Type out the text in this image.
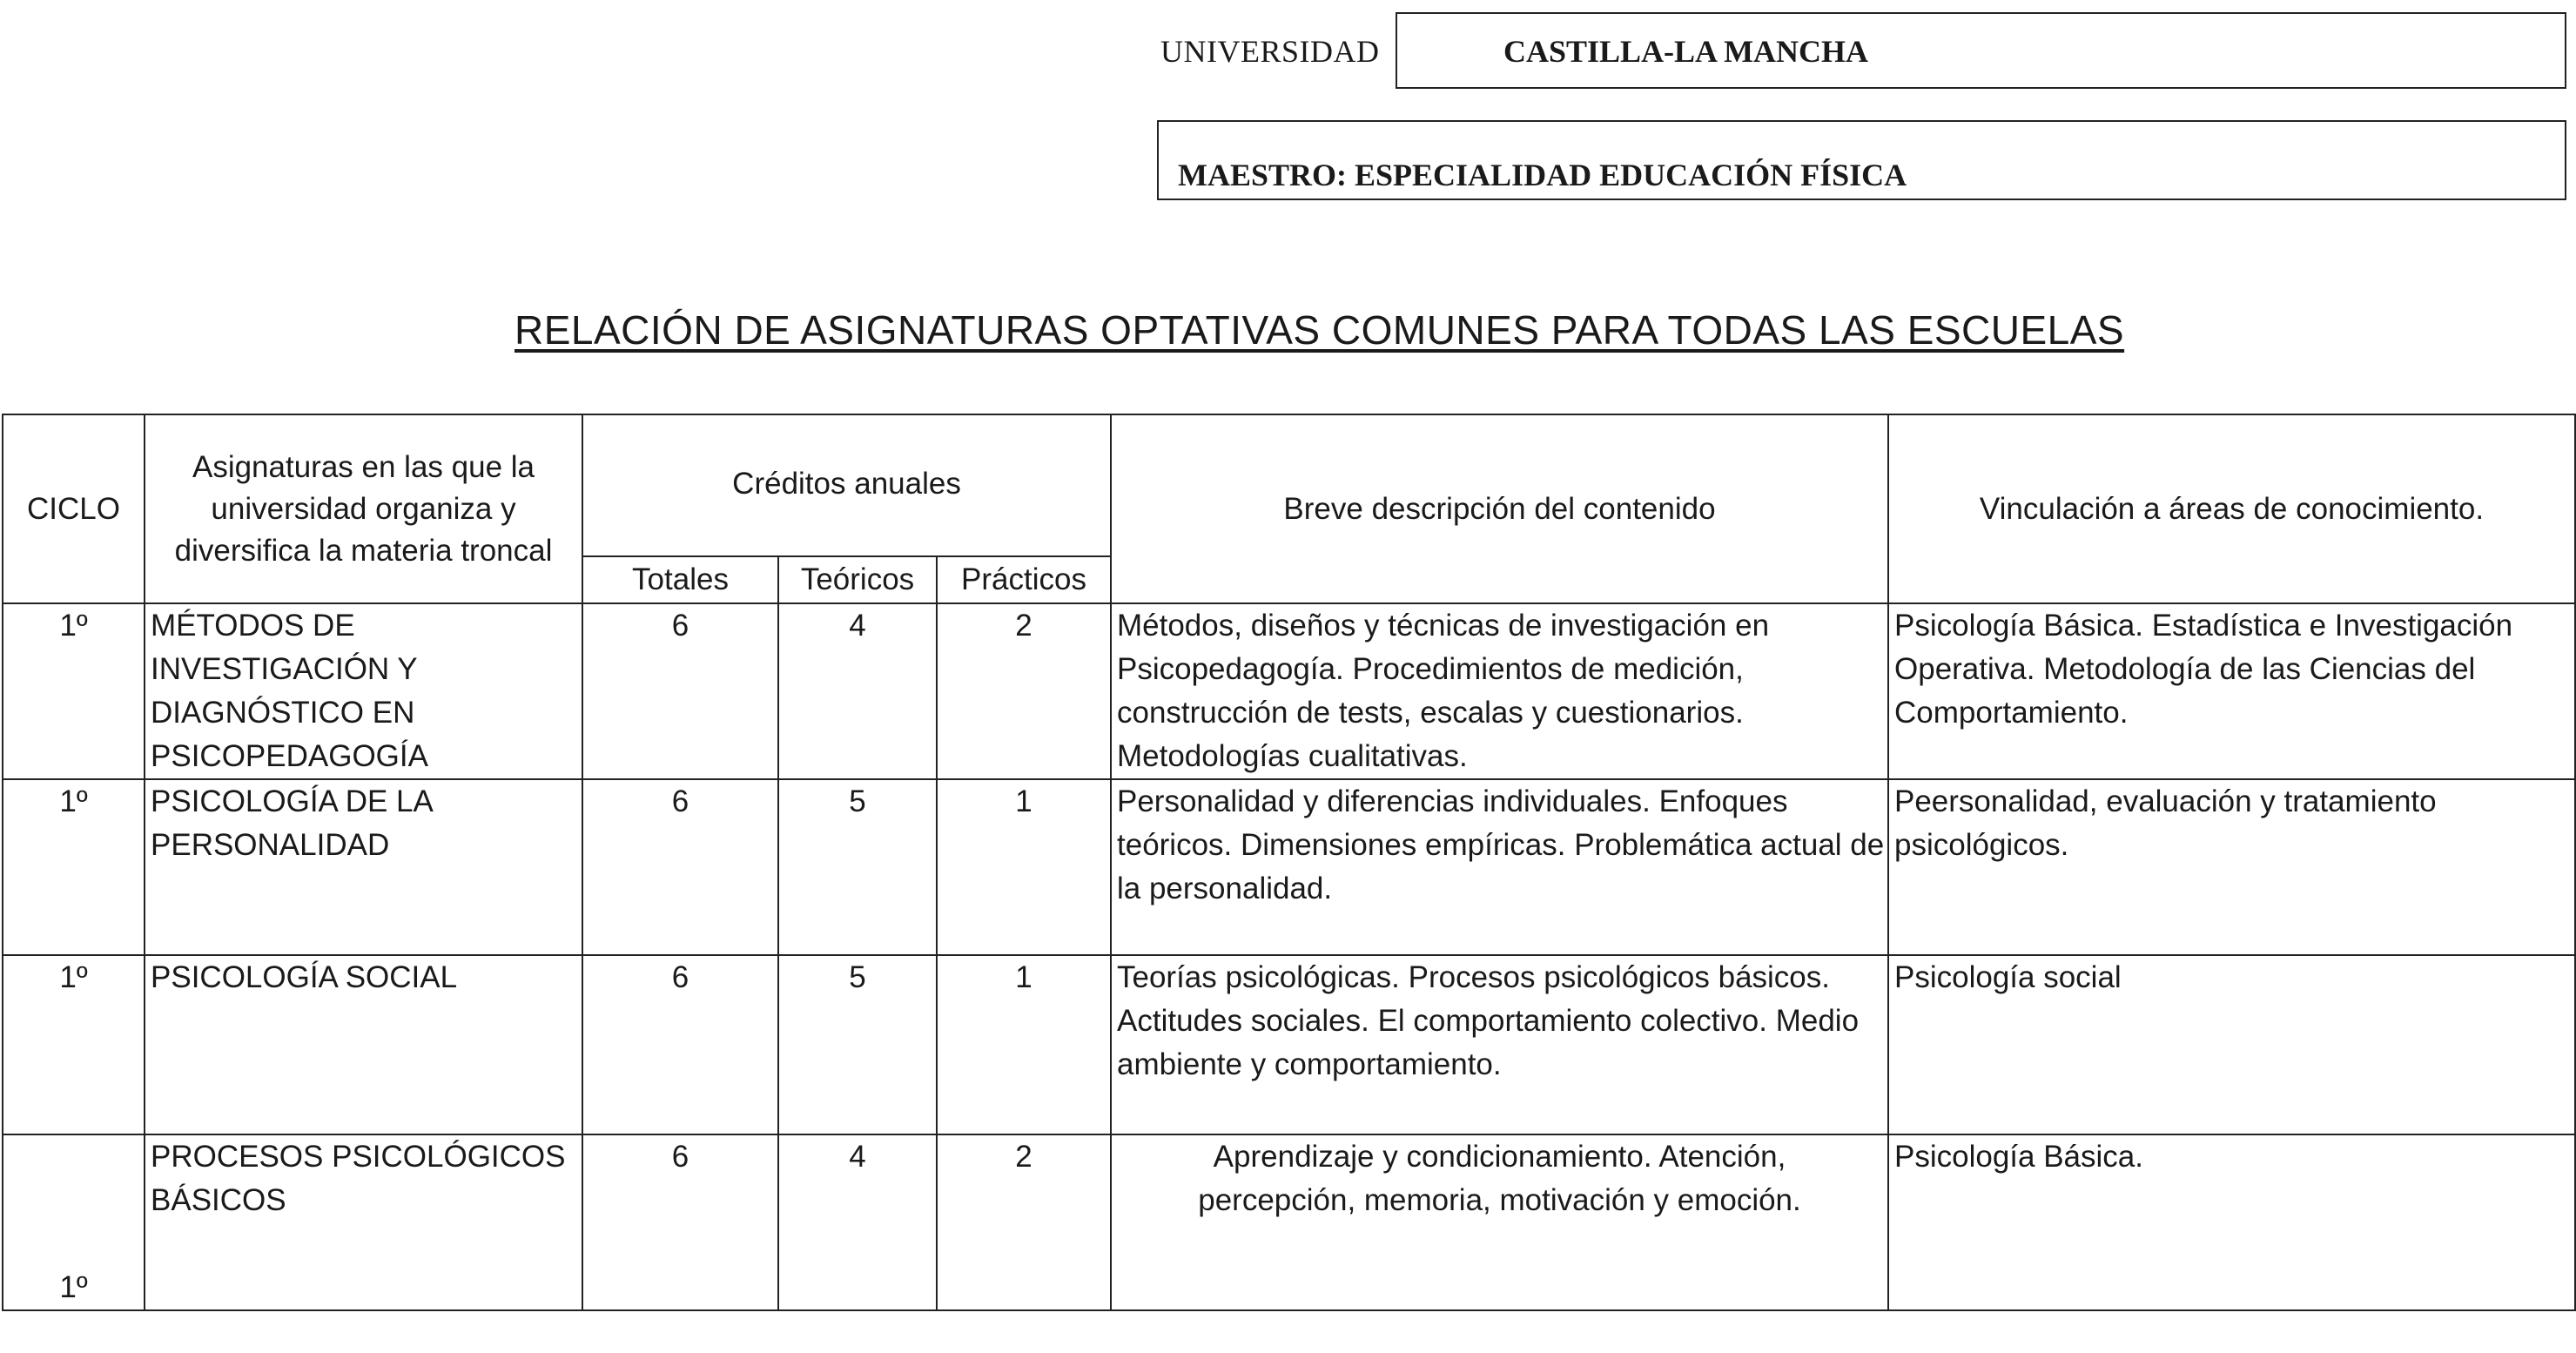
UNIVERSIDAD	CASTILLA-LA MANCHA
MAESTRO: ESPECIALIDAD EDUCACIÓN FÍSICA
RELACIÓN DE ASIGNATURAS OPTATIVAS COMUNES PARA TODAS LAS ESCUELAS
CICLO	Asignaturas en las que la universidad organiza y diversifica la materia troncal	Créditos anuales			Breve descripción del contenido	Vinculación a áreas de conocimiento.
		Totales	Teóricos	Prácticos		
1º	MÉTODOS DE INVESTIGACIÓN Y DIAGNÓSTICO EN PSICOPEDAGOGÍA	6	4	2	Métodos, diseños y técnicas de investigación en Psicopedagogía. Procedimientos de medición, construcción de tests, escalas y cuestionarios. Metodologías cualitativas.	Psicología Básica. Estadística e Investigación Operativa. Metodología de las Ciencias del Comportamiento.
1º	PSICOLOGÍA DE LA PERSONALIDAD	6	5	1	Personalidad y diferencias individuales. Enfoques teóricos. Dimensiones empíricas. Problemática actual de la personalidad.	Peersonalidad, evaluación y tratamiento psicológicos.
1º	PSICOLOGÍA SOCIAL	6	5	1	Teorías psicológicas. Procesos psicológicos básicos. Actitudes sociales. El comportamiento colectivo. Medio ambiente y comportamiento.	Psicología social
1º	PROCESOS PSICOLÓGICOS BÁSICOS	6	4	2	Aprendizaje y condicionamiento. Atención, percepción, memoria, motivación y emoción.	Psicología Básica.
